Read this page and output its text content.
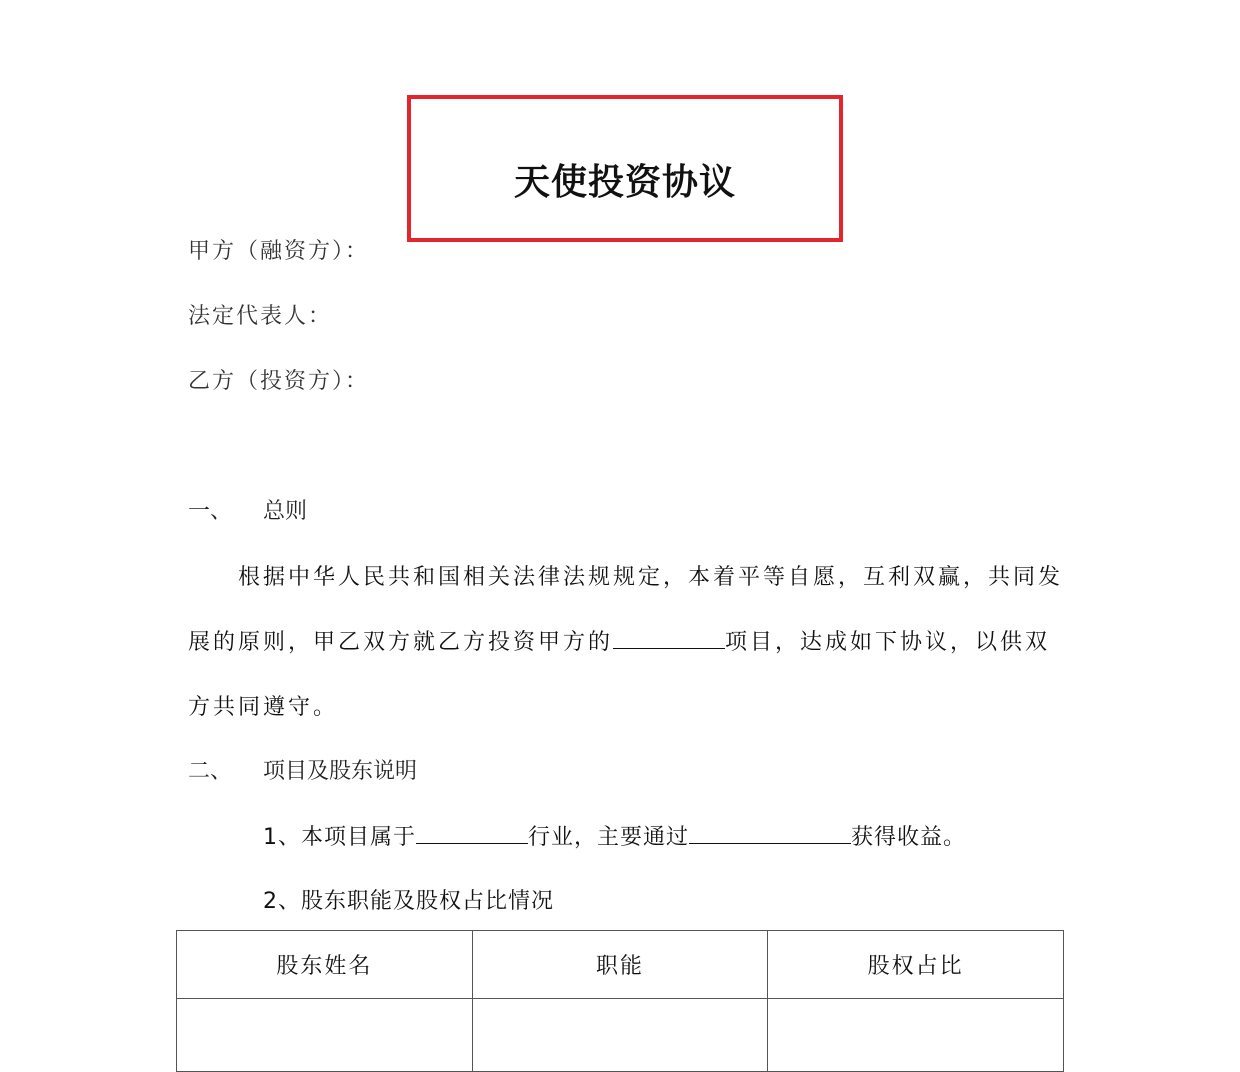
天使投资协议
甲方（融资方）：
法定代表人：
乙方（投资方）：
一、 总则
根据中华人民共和国相关法律法规规定，本着平等自愿，互利双赢，共同发
展的原则，甲乙双方就乙方投资甲方的	项目，达成如下协议，以供双
方共同遵守。
二、 项目及股东说明
1、本项目属于	行业，主要通过	获得收益。
2、股东职能及股权占比情况
股东姓名	职能	股权占比
